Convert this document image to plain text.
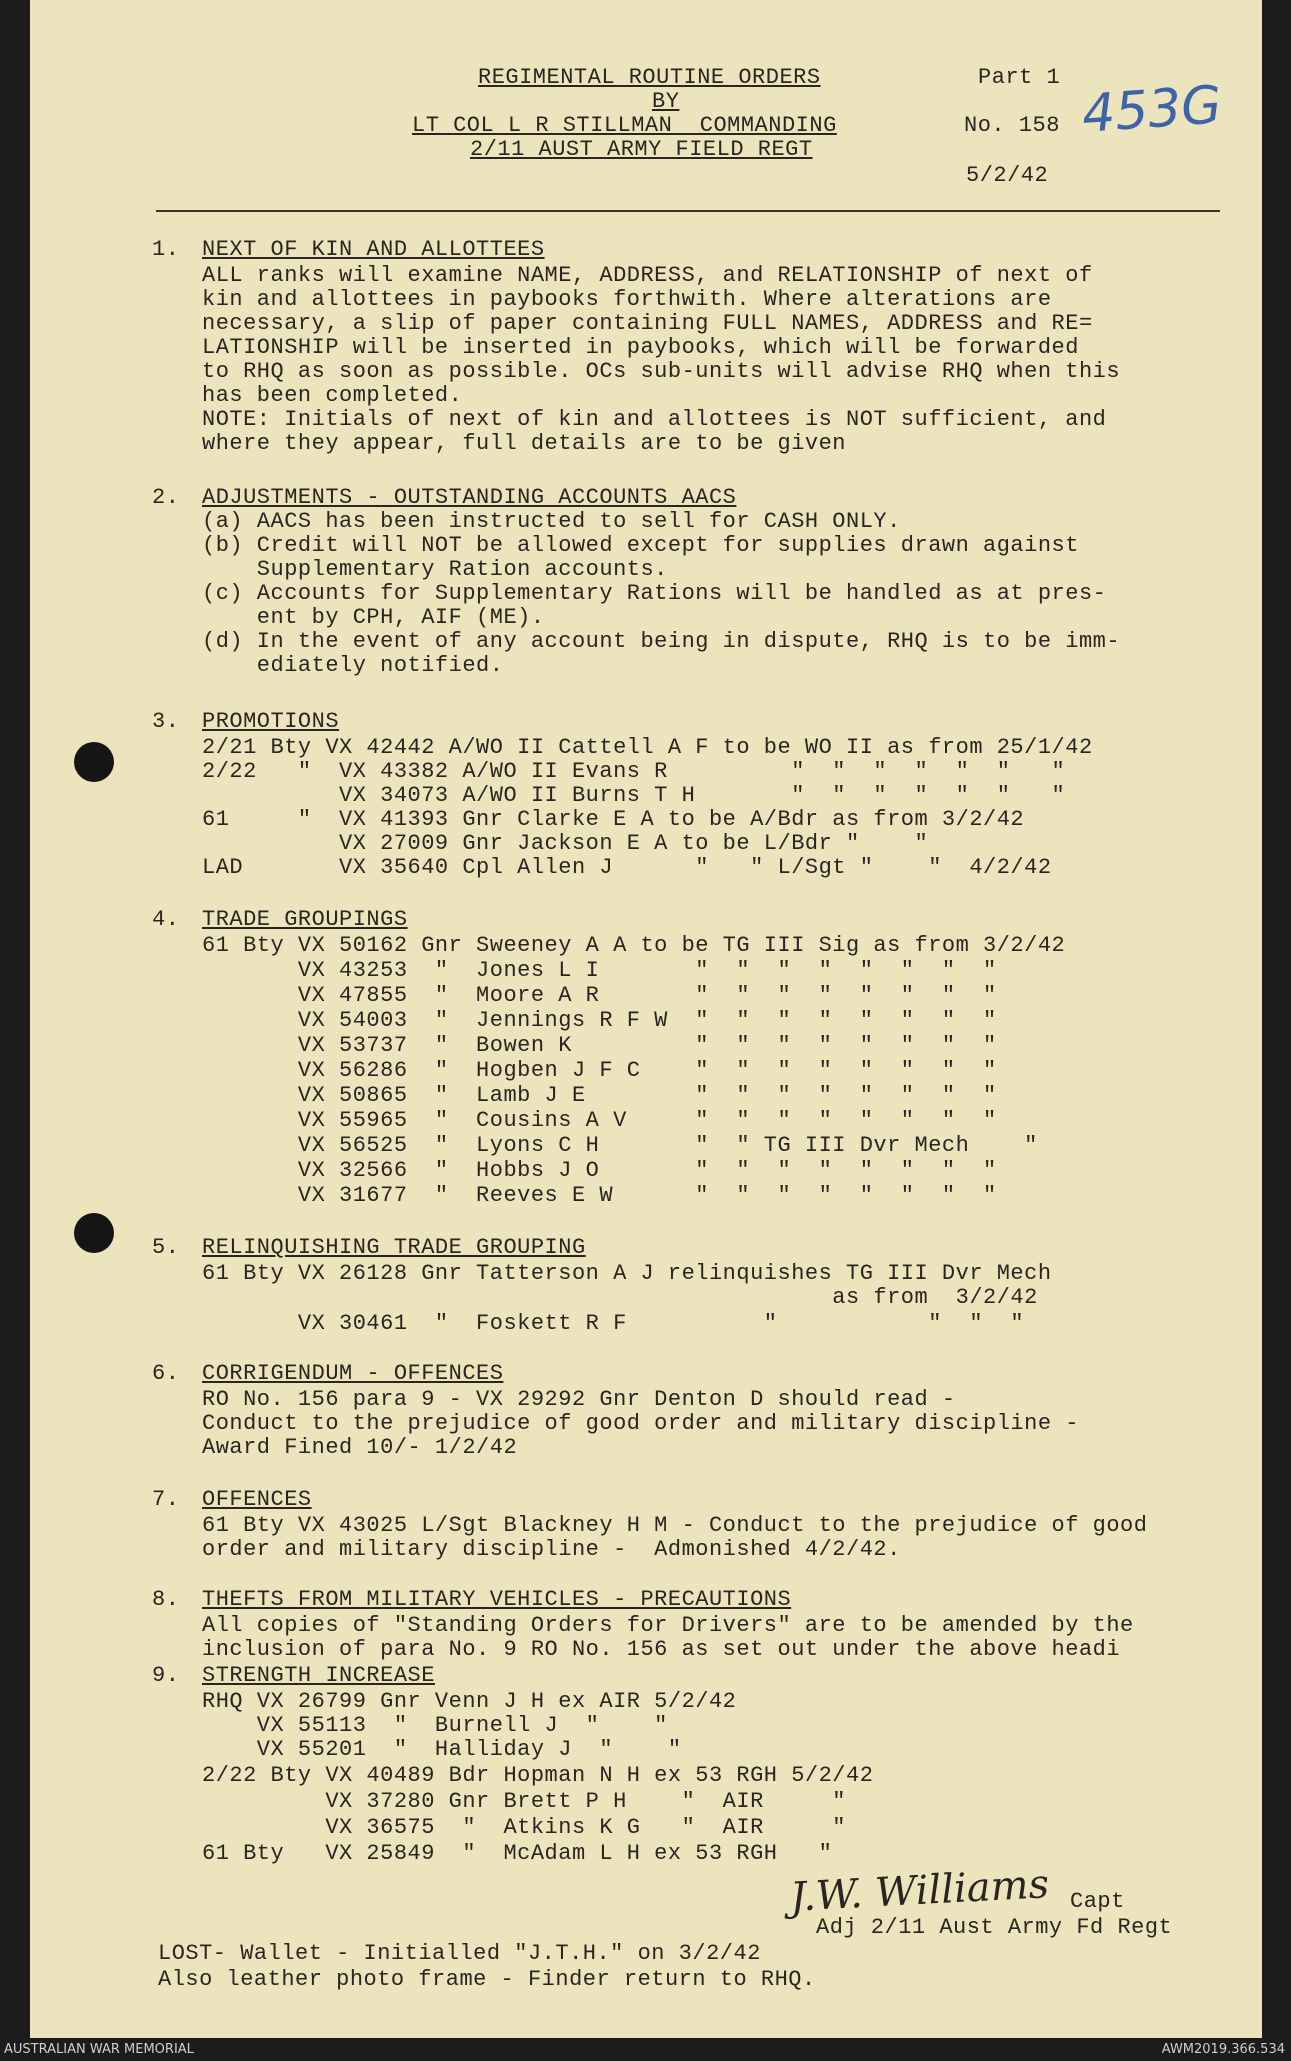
REGIMENTAL ROUTINE ORDERS
BY
LT COL L R STILLMAN  COMMANDING
2/11 AUST ARMY FIELD REGT
Part 1
No. 158
5/2/42
453G
1. NEXT OF KIN AND ALLOTTEES
ALL ranks will examine NAME, ADDRESS, and RELATIONSHIP of next of
kin and allottees in paybooks forthwith. Where alterations are
necessary, a slip of paper containing FULL NAMES, ADDRESS and RE=
LATIONSHIP will be inserted in paybooks, which will be forwarded
to RHQ as soon as possible. OCs sub-units will advise RHQ when this
has been completed.
NOTE: Initials of next of kin and allottees is NOT sufficient, and
where they appear, full details are to be given
2. ADJUSTMENTS - OUTSTANDING ACCOUNTS AACS
(a) AACS has been instructed to sell for CASH ONLY.
(b) Credit will NOT be allowed except for supplies drawn against
Supplementary Ration accounts.
(c) Accounts for Supplementary Rations will be handled as at pres-
ent by CPH, AIF (ME).
(d) In the event of any account being in dispute, RHQ is to be imm-
ediately notified.
3. PROMOTIONS
2/21 Bty VX 42442 A/WO II Cattell A F to be WO II as from 25/1/42
2/22   "  VX 43382 A/WO II Evans R         "  "  "  "  "  "   "
VX 34073 A/WO II Burns T H       "  "  "  "  "  "   "
61     "  VX 41393 Gnr Clarke E A to be A/Bdr as from 3/2/42
VX 27009 Gnr Jackson E A to be L/Bdr "    "
LAD       VX 35640 Cpl Allen J      "   " L/Sgt "    "  4/2/42
4. TRADE GROUPINGS
61 Bty VX 50162 Gnr Sweeney A A to be TG III Sig as from 3/2/42
VX 43253  "  Jones L I       "  "  "  "  "  "  "  "
VX 47855  "  Moore A R       "  "  "  "  "  "  "  "
VX 54003  "  Jennings R F W  "  "  "  "  "  "  "  "
VX 53737  "  Bowen K         "  "  "  "  "  "  "  "
VX 56286  "  Hogben J F C    "  "  "  "  "  "  "  "
VX 50865  "  Lamb J E        "  "  "  "  "  "  "  "
VX 55965  "  Cousins A V     "  "  "  "  "  "  "  "
VX 56525  "  Lyons C H       "  " TG III Dvr Mech    "
VX 32566  "  Hobbs J O       "  "  "  "  "  "  "  "
VX 31677  "  Reeves E W      "  "  "  "  "  "  "  "
5. RELINQUISHING TRADE GROUPING
61 Bty VX 26128 Gnr Tatterson A J relinquishes TG III Dvr Mech
as from  3/2/42
VX 30461  "  Foskett R F          "           "  "  "
6. CORRIGENDUM - OFFENCES
RO No. 156 para 9 - VX 29292 Gnr Denton D should read -
Conduct to the prejudice of good order and military discipline -
Award Fined 10/- 1/2/42
7. OFFENCES
61 Bty VX 43025 L/Sgt Blackney H M - Conduct to the prejudice of good
order and military discipline -  Admonished 4/2/42.
8. THEFTS FROM MILITARY VEHICLES - PRECAUTIONS
All copies of "Standing Orders for Drivers" are to be amended by the
inclusion of para No. 9 RO No. 156 as set out under the above headi
9. STRENGTH INCREASE
RHQ VX 26799 Gnr Venn J H ex AIR 5/2/42
VX 55113  "  Burnell J  "    "
VX 55201  "  Halliday J  "    "
2/22 Bty VX 40489 Bdr Hopman N H ex 53 RGH 5/2/42
VX 37280 Gnr Brett P H    "  AIR     "
VX 36575  "  Atkins K G   "  AIR     "
61 Bty   VX 25849  "  McAdam L H ex 53 RGH   "
J.W. Williams Capt
Adj 2/11 Aust Army Fd Regt
LOST- Wallet - Initialled "J.T.H." on 3/2/42
Also leather photo frame - Finder return to RHQ.
AUSTRALIAN WAR MEMORIAL	AWM2019.366.534
